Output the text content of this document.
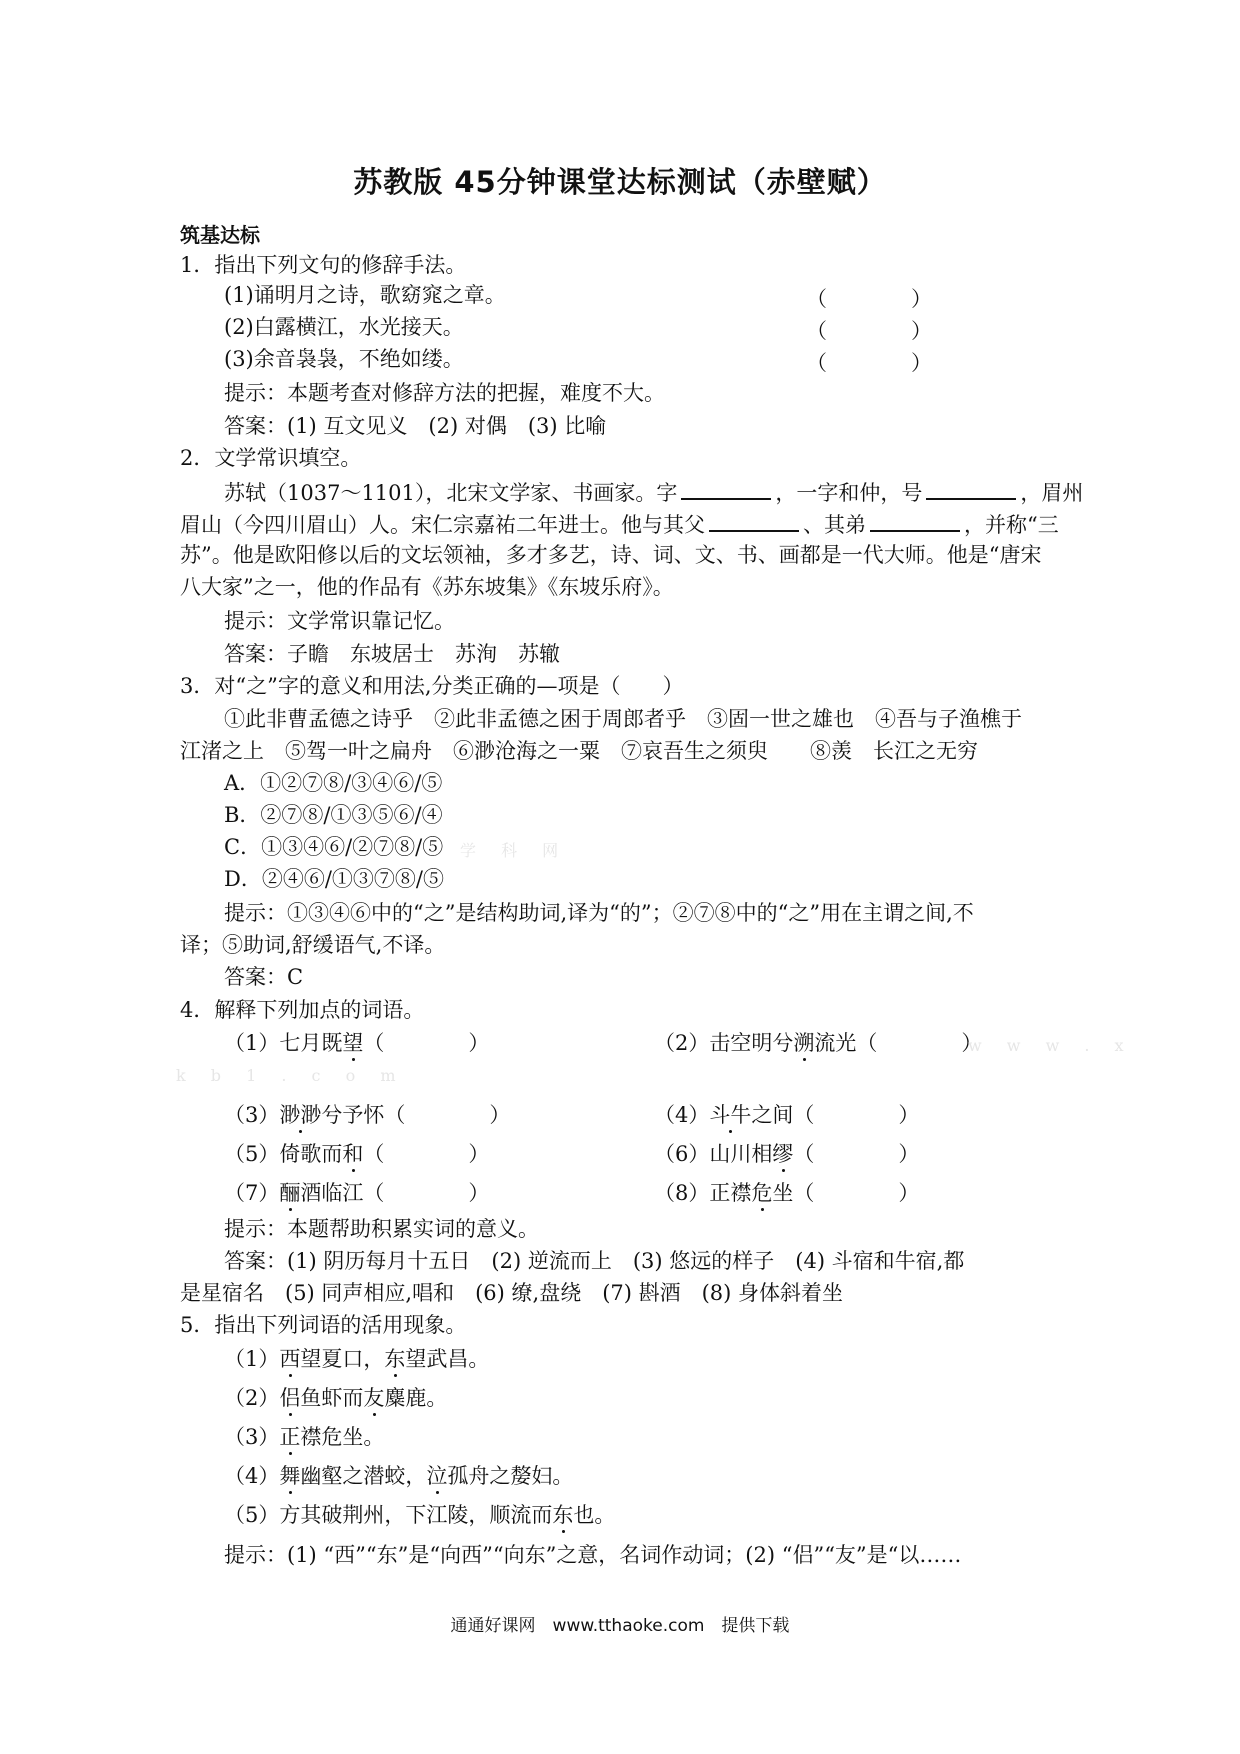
苏教版 45分钟课堂达标测试（赤壁赋）
筑基达标
1．指出下列文句的修辞手法。
(1)诵明月之诗，歌窈窕之章。	（　　　　）
(2)白露横江，水光接天。	（　　　　）
(3)余音袅袅，不绝如缕。	（　　　　）
提示：本题考查对修辞方法的把握，难度不大。
答案：(1) 互文见义　(2) 对偶　(3) 比喻
2．文学常识填空。
苏轼（1037～1101），北宋文学家、书画家。字	，一字和仲，号	，眉州
眉山（今四川眉山）人。宋仁宗嘉祐二年进士。他与其父	、其弟	，并称“三
苏”。他是欧阳修以后的文坛领袖，多才多艺，诗、词、文、书、画都是一代大师。他是“唐宋
八大家”之一，他的作品有《苏东坡集》《东坡乐府》。
提示：文学常识靠记忆。
答案：子瞻　东坡居士　苏洵　苏辙
3．对“之”字的意义和用法,分类正确的—项是（　　）
①此非曹孟德之诗乎　②此非孟德之困于周郎者乎　③固一世之雄也　④吾与子渔樵于
江渚之上　⑤驾一叶之扁舟　⑥渺沧海之一粟　⑦哀吾生之须臾　　⑧羡　长江之无穷
A．①②⑦⑧/③④⑥/⑤
B．②⑦⑧/①③⑤⑥/④
C．①③④⑥/②⑦⑧/⑤ 学 科 网
D．②④⑥/①③⑦⑧/⑤
提示：①③④⑥中的“之”是结构助词,译为“的”；②⑦⑧中的“之”用在主谓之间,不
译；⑤助词,舒缓语气,不译。
答案：C
4．解释下列加点的词语。
（1）七月既望（　　　　）	（2）击空明兮溯流光（　　　　）
w w w . x
k b 1 . c o m
（3）渺渺兮予怀（　　　　）	（4）斗牛之间（　　　　）
（5）倚歌而和（　　　　）	（6）山川相缪（　　　　）
（7）酾酒临江（　　　　）	（8）正襟危坐（　　　　）
提示：本题帮助积累实词的意义。
答案：(1) 阴历每月十五日　(2) 逆流而上　(3) 悠远的样子　(4) 斗宿和牛宿,都
是星宿名　(5) 同声相应,唱和　(6) 缭,盘绕　(7) 斟酒　(8) 身体斜着坐
5．指出下列词语的活用现象。
（1）西望夏口，东望武昌。
（2）侣鱼虾而友麋鹿。
（3）正襟危坐。
（4）舞幽壑之潜蛟，泣孤舟之嫠妇。
（5）方其破荆州，下江陵，顺流而东也。
提示：(1) “西”“东”是“向西”“向东”之意，名词作动词；(2) “侣”“友”是“以……
通通好课网　www.tthaoke.com　提供下载
